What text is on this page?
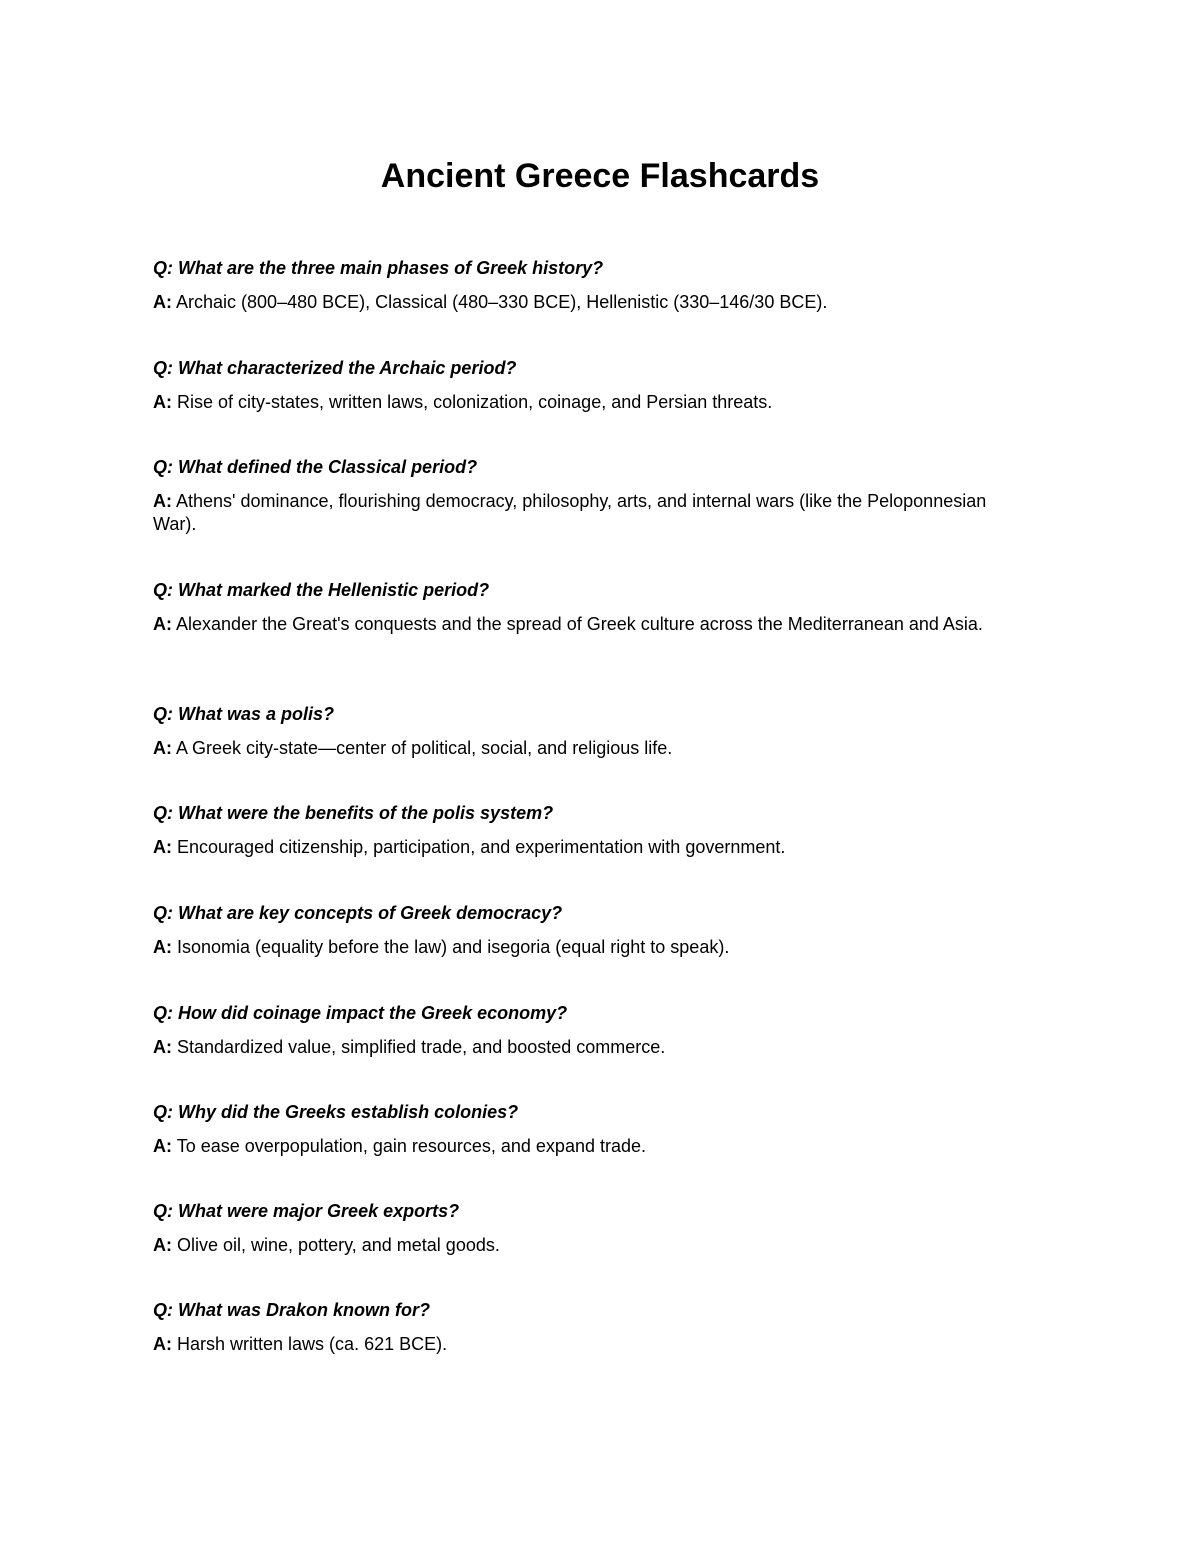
Ancient Greece Flashcards

Q: What are the three main phases of Greek history?

A: Archaic (800–480 BCE), Classical (480–330 BCE), Hellenistic (330–146/30 BCE).

Q: What characterized the Archaic period?

A: Rise of city-states, written laws, colonization, coinage, and Persian threats.

Q: What defined the Classical period?

A: Athens' dominance, flourishing democracy, philosophy, arts, and internal wars (like the Peloponnesian War).

Q: What marked the Hellenistic period?

A: Alexander the Great's conquests and the spread of Greek culture across the Mediterranean and Asia.

Q: What was a polis?

A: A Greek city-state—center of political, social, and religious life.

Q: What were the benefits of the polis system?

A: Encouraged citizenship, participation, and experimentation with government.

Q: What are key concepts of Greek democracy?

A: Isonomia (equality before the law) and isegoria (equal right to speak).

Q: How did coinage impact the Greek economy?

A: Standardized value, simplified trade, and boosted commerce.

Q: Why did the Greeks establish colonies?

A: To ease overpopulation, gain resources, and expand trade.

Q: What were major Greek exports?

A: Olive oil, wine, pottery, and metal goods.

Q: What was Drakon known for?

A: Harsh written laws (ca. 621 BCE).
